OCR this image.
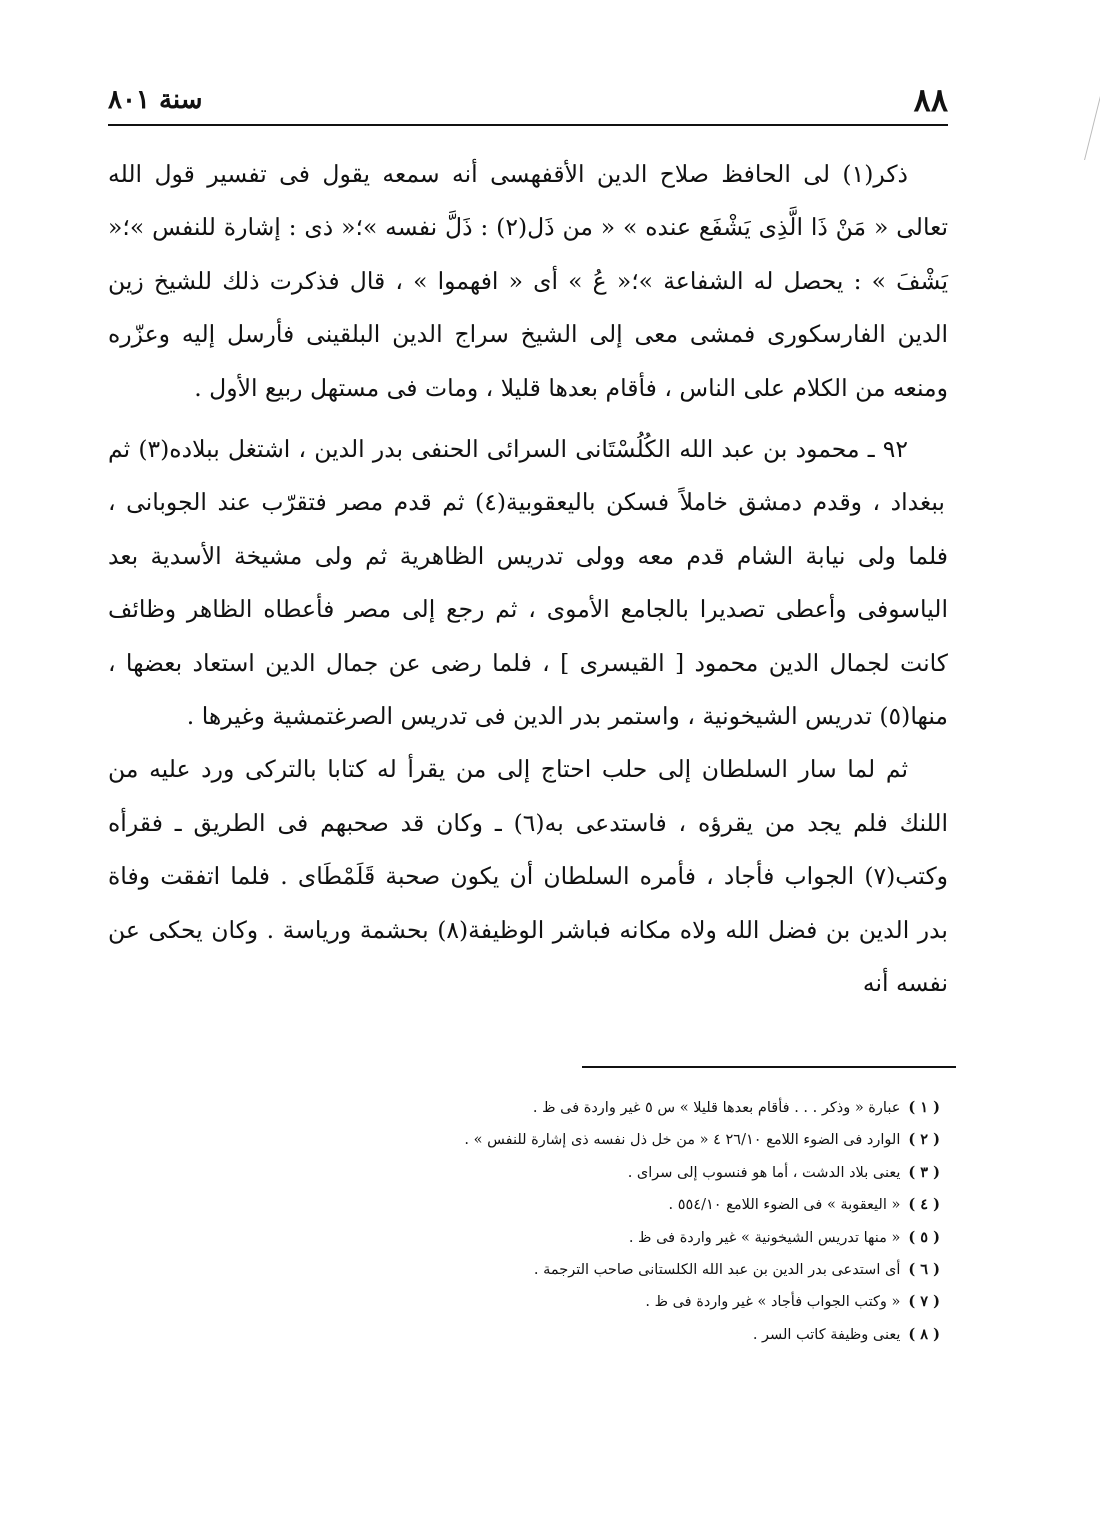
٨٨
سنة ٨٠١

ذكر(١) لى الحافظ صلاح الدين الأقفهسى أنه سمعه يقول فى تفسير قول الله تعالى « مَنْ ذَا الَّذِى يَشْفَع عنده » « من ذَل(٢) : ذَلَّ نفسه »؛« ذى : إشارة للنفس »؛« يَشْفَ » : يحصل له الشفاعة »؛« عُ » أى « افهموا » ، قال فذكرت ذلك للشيخ زين الدين الفارسكورى فمشى معى إلى الشيخ سراج الدين البلقينى فأرسل إليه وعزّره ومنعه من الكلام على الناس ، فأقام بعدها قليلا ، ومات فى مستهل ربيع الأول .

٩٢ ـ محمود بن عبد الله الكُلُسْتَانى السرائى الحنفى بدر الدين ، اشتغل ببلاده(٣) ثم ببغداد ، وقدم دمشق خاملاً فسكن باليعقوبية(٤) ثم قدم مصر فتقرّب عند الجوبانى ، فلما ولى نيابة الشام قدم معه وولى تدريس الظاهرية ثم ولى مشيخة الأسدية بعد الياسوفى وأعطى تصديرا بالجامع الأموى ، ثم رجع إلى مصر فأعطاه الظاهر وظائف كانت لجمال الدين محمود [ القيسرى ] ، فلما رضى عن جمال الدين استعاد بعضها ، منها(٥) تدريس الشيخونية ، واستمر بدر الدين فى تدريس الصرغتمشية وغيرها .

ثم لما سار السلطان إلى حلب احتاج إلى من يقرأ له كتابا بالتركى ورد عليه من اللنك فلم يجد من يقرؤه ، فاستدعى به(٦) ـ وكان قد صحبهم فى الطريق ـ فقرأه وكتب(٧) الجواب فأجاد ، فأمره السلطان أن يكون صحبة قَلَمْطَاى . فلما اتفقت وفاة بدر الدين بن فضل الله ولاه مكانه فباشر الوظيفة(٨) بحشمة ورياسة . وكان يحكى عن نفسه أنه

( ١ )
عبارة « وذكر . . . فأقام بعدها قليلا » س ٥ غير واردة فى ظ .
( ٢ )
الوارد فى الضوء اللامع ٢٦/١٠ ٤ « من خل ذل نفسه ذى إشارة للنفس » .
( ٣ )
يعنى بلاد الدشت ، أما هو فنسوب إلى سراى .
( ٤ )
« اليعقوبة » فى الضوء اللامع ٥٥٤/١٠ .
( ٥ )
« منها تدريس الشيخونية » غير واردة فى ظ .
( ٦ )
أى استدعى بدر الدين بن عبد الله الكلستانى صاحب الترجمة .
( ٧ )
« وكتب الجواب فأجاد » غير واردة فى ظ .
( ٨ )
يعنى وظيفة كاتب السر .
